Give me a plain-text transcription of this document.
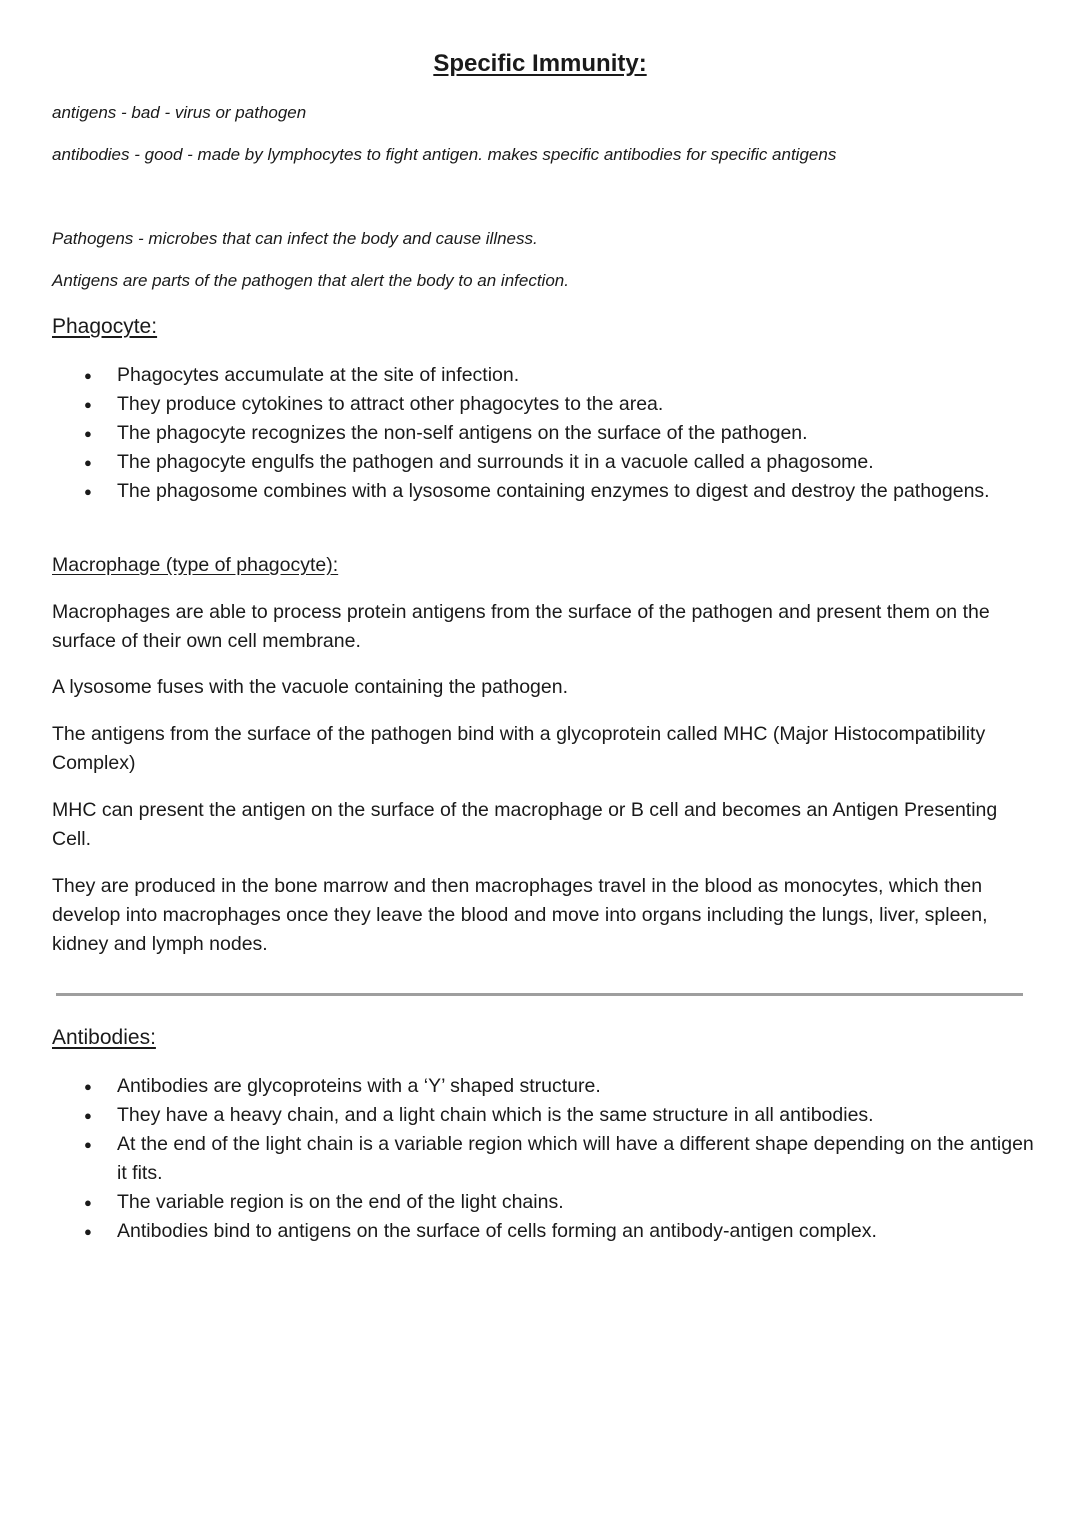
Specific Immunity:

antigens - bad - virus or pathogen

antibodies - good - made by lymphocytes to fight antigen. makes specific antibodies for specific antigens

Pathogens - microbes that can infect the body and cause illness.

Antigens are parts of the pathogen that alert the body to an infection.

Phagocyte:
● Phagocytes accumulate at the site of infection.
● They produce cytokines to attract other phagocytes to the area.
● The phagocyte recognizes the non-self antigens on the surface of the pathogen.
● The phagocyte engulfs the pathogen and surrounds it in a vacuole called a phagosome.
● The phagosome combines with a lysosome containing enzymes to digest and destroy the pathogens.
Macrophage (type of phagocyte):

Macrophages are able to process protein antigens from the surface of the pathogen and present them on the surface of their own cell membrane.

A lysosome fuses with the vacuole containing the pathogen.

The antigens from the surface of the pathogen bind with a glycoprotein called MHC (Major Histocompatibility Complex)

MHC can present the antigen on the surface of the macrophage or B cell and becomes an Antigen Presenting Cell.

They are produced in the bone marrow and then macrophages travel in the blood as monocytes, which then develop into macrophages once they leave the blood and move into organs including the lungs, liver, spleen, kidney and lymph nodes.

Antibodies:
● Antibodies are glycoproteins with a ‘Y’ shaped structure.
● They have a heavy chain, and a light chain which is the same structure in all antibodies.
● At the end of the light chain is a variable region which will have a different shape depending on the antigen it fits.
● The variable region is on the end of the light chains.
● Antibodies bind to antigens on the surface of cells forming an antibody-antigen complex.
